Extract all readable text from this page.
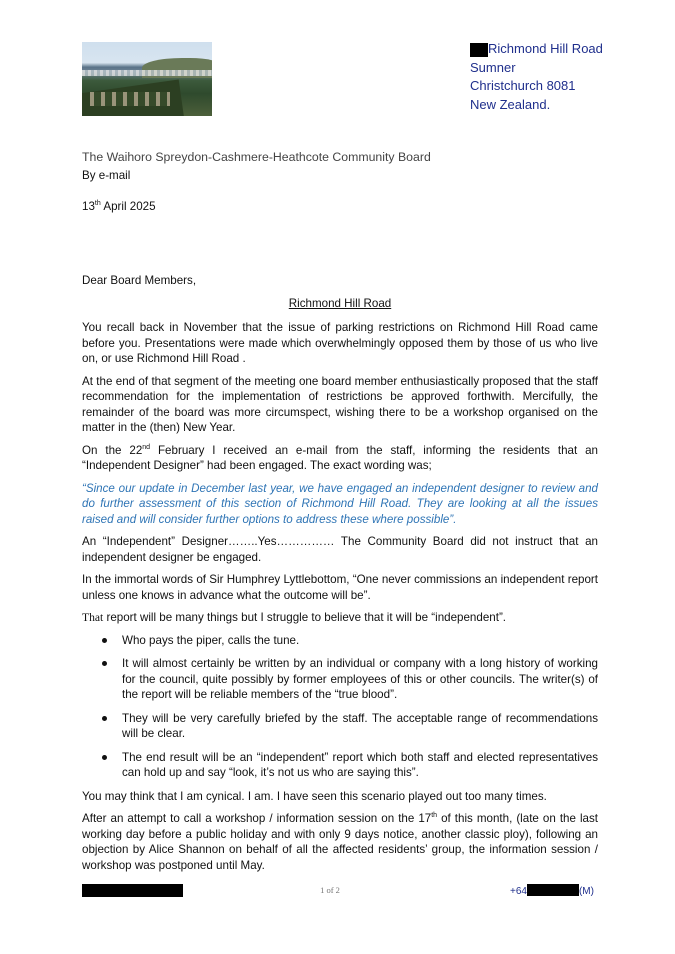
Richmond Hill Road
Sumner
Christchurch 8081
New Zealand.
The Waihoro Spreydon-Cashmere-Heathcote Community Board
By e-mail
13th April 2025
Dear Board Members,
Richmond Hill Road

You recall back in November that the issue of parking restrictions on Richmond Hill Road came before you. Presentations were made which overwhelmingly opposed them by those of us who live on, or use Richmond Hill Road .

At the end of that segment of the meeting one board member enthusiastically proposed that the staff recommendation for the implementation of restrictions be approved forthwith. Mercifully, the remainder of the board was more circumspect, wishing there to be a workshop organised on the matter in the (then) New Year.

On the 22nd February I received an e-mail from the staff, informing the residents that an “Independent Designer” had been engaged. The exact wording was;

“Since our update in December last year, we have engaged an independent designer to review and do further assessment of this section of Richmond Hill Road. They are looking at all the issues raised and will consider further options to address these where possible”.

An “Independent” Designer……..Yes…………… The Community Board did not instruct that an independent designer be engaged.

In the immortal words of Sir Humphrey Lyttlebottom, “One never commissions an independent report unless one knows in advance what the outcome will be”.

That report will be many things but I struggle to believe that it will be “independent”.

Who pays the piper, calls the tune.
It will almost certainly be written by an individual or company with a long history of working for the council, quite possibly by former employees of this or other councils. The writer(s) of the report will be reliable members of the “true blood”.
They will be very carefully briefed by the staff. The acceptable range of recommendations will be clear.
The end result will be an “independent” report which both staff and elected representatives can hold up and say “look, it’s not us who are saying this”.

You may think that I am cynical. I am. I have seen this scenario played out too many times.

After an attempt to call a workshop / information session on the 17th of this month, (late on the last working day before a public holiday and with only 9 days notice, another classic ploy), following an objection by Alice Shannon on behalf of all the affected residents’ group, the information session / workshop was postponed until May.

1 of 2	+64	(M)
